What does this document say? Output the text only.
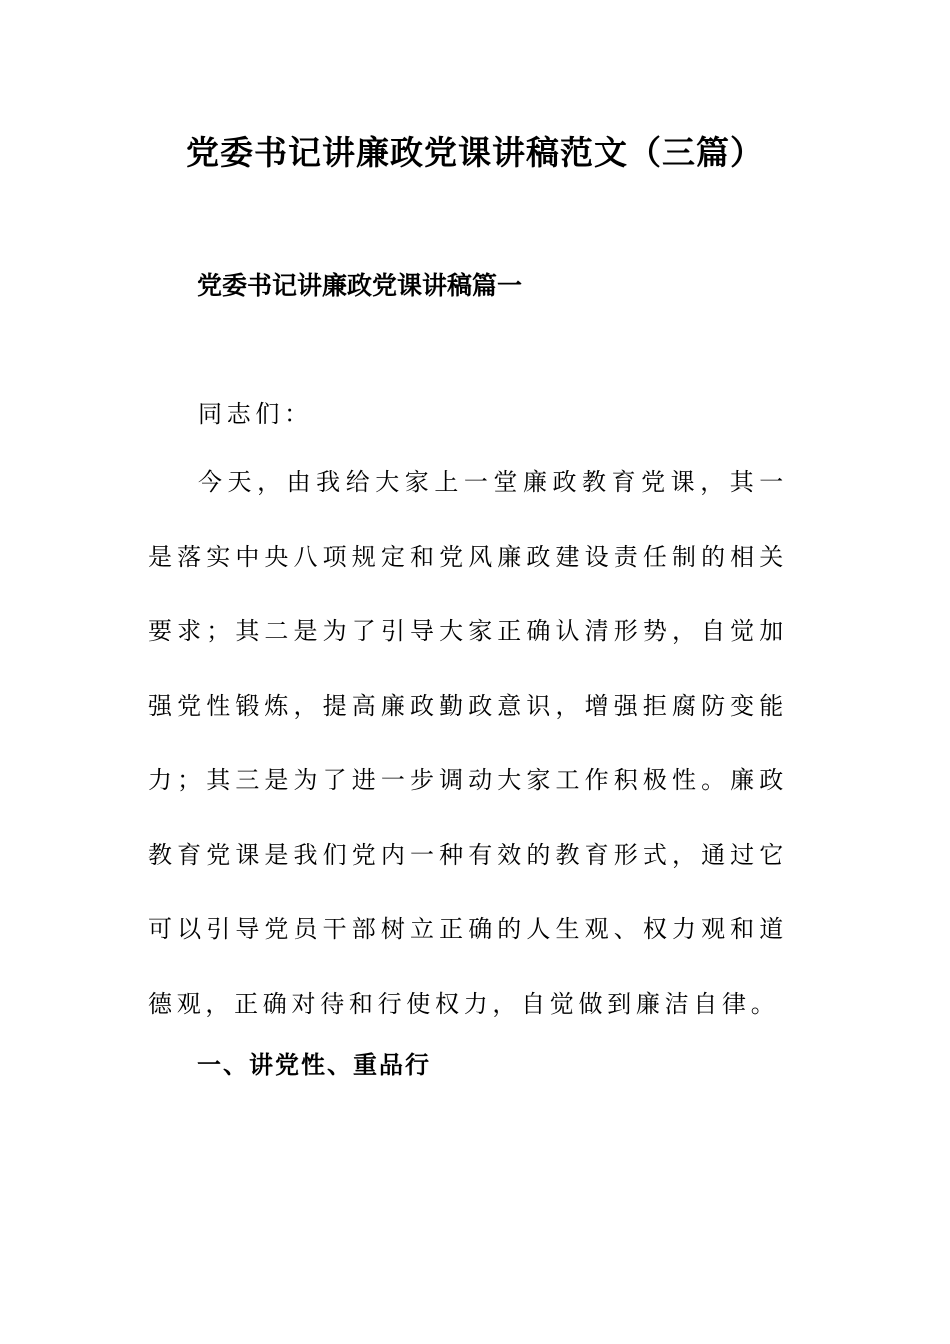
党委书记讲廉政党课讲稿范文（三篇）
党委书记讲廉政党课讲稿篇一

同志们：

今天，由我给大家上一堂廉政教育党课，其一是落实中央八项规定和党风廉政建设责任制的相关要求；其二是为了引导大家正确认清形势，自觉加强党性锻炼，提高廉政勤政意识，增强拒腐防变能力；其三是为了进一步调动大家工作积极性。廉政教育党课是我们党内一种有效的教育形式，通过它可以引导党员干部树立正确的人生观、权力观和道德观，正确对待和行使权力，自觉做到廉洁自律。

一、讲党性、重品行
